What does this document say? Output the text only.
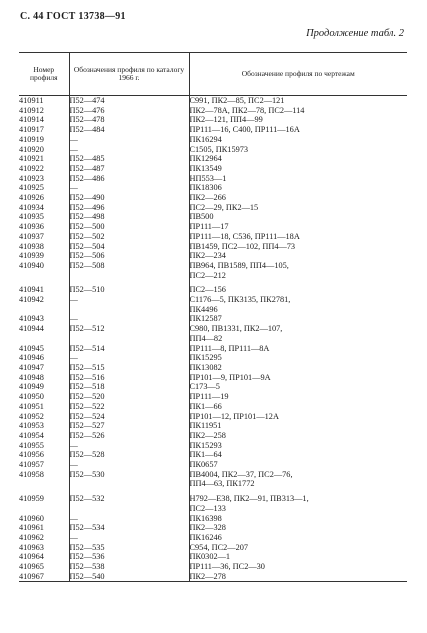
С. 44 ГОСТ 13738—91
Продолжение табл. 2
Номер профиля	Обозначения профиля по каталогу 1966 г.	Обозначение профиля по чертежам
410911	П52—474	С991, ПК2—85, ПС2—121
410912	П52—476	ПК2—78А, ПК2—78, ПС2—114
410914	П52—478	ПК2—121, ПП4—99
410917	П52—484	ПР111—16, С400, ПР111—16А
410919	—	ПК16294
410920	—	С1505, ПК15973
410921	П52—485	ПК12964
410922	П52—487	ПК13549
410923	П52—486	НП553—1
410925	—	ПК18306
410926	П52—490	ПК2—266
410934	П52—496	ПС2—29, ПК2—15
410935	П52—498	ПВ500
410936	П52—500	ПР111—17
410937	П52—502	ПР111—18, С536, ПР111—18А
410938	П52—504	ПВ1459, ПС2—102, ПП4—73
410939	П52—506	ПК2—234
410940	П52—508	ПВ964, ПВ1589, ПП4—105,
		ПС2—212

410941	П52—510	ПС2—156
410942	—	С1176—5, ПК3135, ПК2781,
		ПК4496
410943	—	ПК12587
410944	П52—512	С980, ПВ1331, ПК2—107,
		ПП4—82
410945	П52—514	ПР111—8, ПР111—8А
410946	—	ПК15295
410947	П52—515	ПК13082
410948	П52—516	ПР101—9, ПР101—9А
410949	П52—518	С173—5
410950	П52—520	ПР111—19
410951	П52—522	ПК1—66
410952	П52—524	ПР101—12, ПР101—12А
410953	П52—527	ПК11951
410954	П52—526	ПК2—258
410955	—	ПК15293
410956	П52—528	ПК1—64
410957	—	ПК0657
410958	П52—530	ПВ4004, ПК2—37, ПС2—76,
		ПП4—63, ПК1772

410959	П52—532	Н792—Е38, ПК2—91, ПВ313—1,
		ПС2—133
410960	—	ПК16398
410961	П52—534	ПК2—328
410962	—	ПК16246
410963	П52—535	С954, ПС2—207
410964	П52—536	ПК0302—1
410965	П52—538	ПР111—36, ПС2—30
410967	П52—540	ПК2—278
